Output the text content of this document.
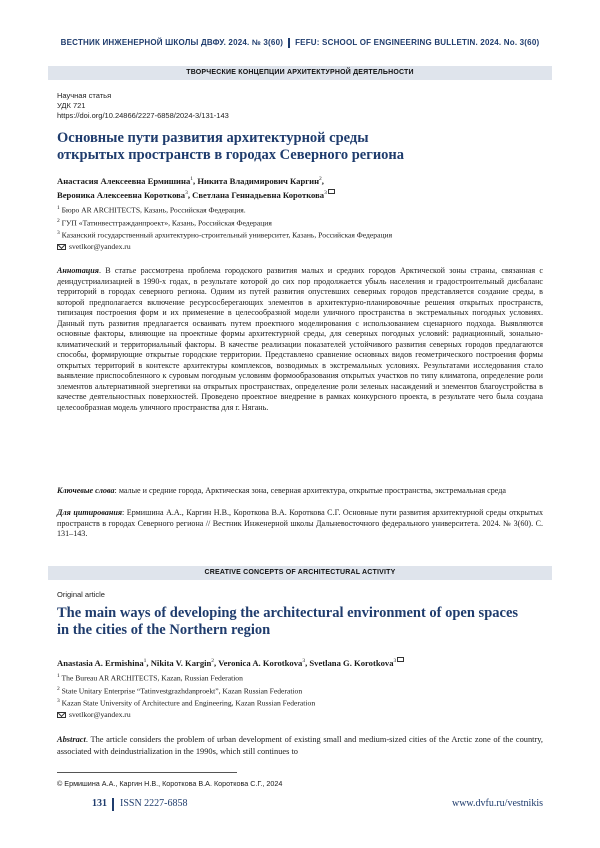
ВЕСТНИК ИНЖЕНЕРНОЙ ШКОЛЫ ДВФУ. 2024. № 3(60) FEFU: SCHOOL OF ENGINEERING BULLETIN. 2024. No. 3(60)
ТВОРЧЕСКИЕ КОНЦЕПЦИИ АРХИТЕКТУРНОЙ ДЕЯТЕЛЬНОСТИ
Научная статья
УДК 721
https://doi.org/10.24866/2227-6858/2024-3/131-143
Основные пути развития архитектурной среды
открытых пространств в городах Северного региона
Анастасия Алексеевна Ермишина$^1$, Никита Владимирович Каргин$^2$,
Вероника Алексеевна Короткова$^3$, Светлана Геннадьевна Короткова$^3$
$^1$ Бюро AR ARCHITECTS, Казань, Российская Федерация.
$^2$ ГУП «Татинвестгражданпроект», Казань, Российская Федерация
$^3$ Казанский государственный архитектурно-строительный университет, Казань, Российская Федерация
svetlkor@yandex.ru
Аннотация. В статье рассмотрена проблема городского развития малых и средних городов Арктической зоны страны, связанная с деиндустриализацией в 1990-х годах, в результате которой до сих пор продолжается убыль населения и градостроительный дисбаланс территорий в городах северного региона. Одним из путей развития опустевших северных городов представляется создание среды, в которой предполагается включение ресурсосберегающих элементов в архитектурно-планировочные решения открытых пространств, типизация построения форм и их применение в целесообразной модели уличного пространства в экстремальных погодных условиях. Данный путь развития предлагается осваивать путем проектного моделирования с использованием сценарного подхода. Выявляются основные факторы, влияющие на проектные формы архитектурной среды, для северных погодных условий: радиационный, зонально-климатический и территориальный факторы. В качестве реализации показателей устойчивого развития северных городов предлагаются способы, формирующие открытые городские территории. Представлено сравнение основных видов геометрического построения формы открытых территорий в контексте архитектуры комплексов, возводимых в экстремальных условиях. Результатами исследования стало выявление приспособленного к суровым погодным условиям формообразования открытых участков по типу климатопа, определение роли элементов альтернативной энергетики на открытых пространствах, определение роли зеленых насаждений и элементов благоустройства в качестве деятельностных поверхностей. Проведено проектное внедрение в рамках конкурсного проекта, в результате чего была создана целесообразная модель уличного пространства для г. Нягань.
Ключевые слова: малые и средние города, Арктическая зона, северная архитектура, открытые пространства, экстремальная среда
Для цитирования: Ермишина А.А., Каргин Н.В., Короткова В.А. Короткова С.Г. Основные пути развития архитектурной среды открытых пространств в городах Северного региона // Вестник Инженерной школы Дальневосточного федерального университета. 2024. № 3(60). С. 131–143.
CREATIVE CONCEPTS OF ARCHITECTURAL ACTIVITY
Original article
The main ways of developing the architectural environment of open spaces
in the cities of the Northern region
Anastasia A. Ermishina$^1$, Nikita V. Kargin$^2$, Veronica A. Korotkova$^3$, Svetlana G. Korotkova$^3$
$^1$ The Bureau AR ARCHITECTS, Kazan, Russian Federation
$^2$ State Unitary Enterprise “Tatinvestgrazhdanproekt”, Kazan Russian Federation
$^3$ Kazan State University of Architecture and Engineering, Kazan Russian Federation
svetlkor@yandex.ru
Abstract. The article considers the problem of urban development of existing small and medium-sized cities of the Arctic zone of the country, associated with deindustrialization in the 1990s, which still continues to
© Ермишина А.А., Каргин Н.В., Короткова В.А. Короткова С.Г., 2024
131 ISSN 2227-6858	www.dvfu.ru/vestnikis
